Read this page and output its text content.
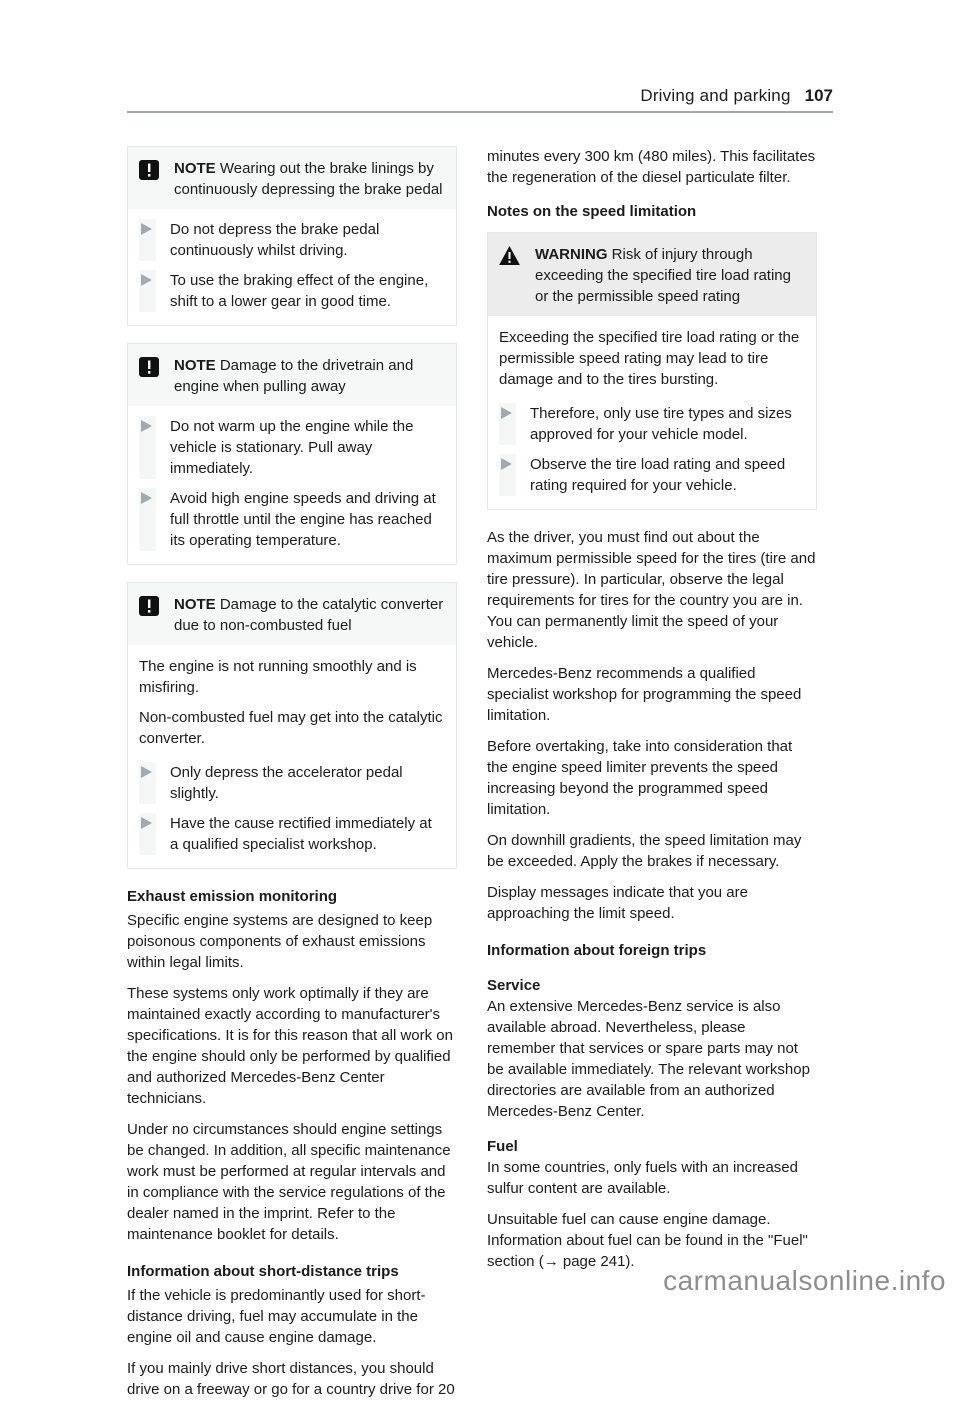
Driving and parking 107
NOTE Wearing out the brake linings by continuously depressing the brake pedal
Do not depress the brake pedal continuously whilst driving.
To use the braking effect of the engine, shift to a lower gear in good time.
NOTE Damage to the drivetrain and engine when pulling away
Do not warm up the engine while the vehicle is stationary. Pull away immediately.
Avoid high engine speeds and driving at full throttle until the engine has reached its operating temperature.
NOTE Damage to the catalytic converter due to non-combusted fuel

The engine is not running smoothly and is misfiring.

Non-combusted fuel may get into the catalytic converter.

Only depress the accelerator pedal slightly.
Have the cause rectified immediately at a qualified specialist workshop.
Exhaust emission monitoring

Specific engine systems are designed to keep poisonous components of exhaust emissions within legal limits.

These systems only work optimally if they are maintained exactly according to manufacturer's specifications. It is for this reason that all work on the engine should only be performed by qualified and authorized Mercedes-Benz Center technicians.

Under no circumstances should engine settings be changed. In addition, all specific maintenance work must be performed at regular intervals and in compliance with the service regulations of the dealer named in the imprint. Refer to the maintenance booklet for details.

Information about short-distance trips

If the vehicle is predominantly used for short-distance driving, fuel may accumulate in the engine oil and cause engine damage.

If you mainly drive short distances, you should drive on a freeway or go for a country drive for 20

minutes every 300 km (480 miles). This facilitates the regeneration of the diesel particulate filter.

Notes on the speed limitation
WARNING Risk of injury through exceeding the specified tire load rating or the permissible speed rating

Exceeding the specified tire load rating or the permissible speed rating may lead to tire damage and to the tires bursting.

Therefore, only use tire types and sizes approved for your vehicle model.
Observe the tire load rating and speed rating required for your vehicle.

As the driver, you must find out about the maximum permissible speed for the tires (tire and tire pressure). In particular, observe the legal requirements for tires for the country you are in.

You can permanently limit the speed of your vehicle.

Mercedes-Benz recommends a qualified specialist workshop for programming the speed limitation.

Before overtaking, take into consideration that the engine speed limiter prevents the speed increasing beyond the programmed speed limitation.

On downhill gradients, the speed limitation may be exceeded. Apply the brakes if necessary.

Display messages indicate that you are approaching the limit speed.

Information about foreign trips
Service

An extensive Mercedes-Benz service is also available abroad. Nevertheless, please remember that services or spare parts may not be available immediately. The relevant workshop directories are available from an authorized Mercedes-Benz Center.

Fuel

In some countries, only fuels with an increased sulfur content are available.

Unsuitable fuel can cause engine damage. Information about fuel can be found in the "Fuel" section (→ page 241).

carmanualsonline.info
